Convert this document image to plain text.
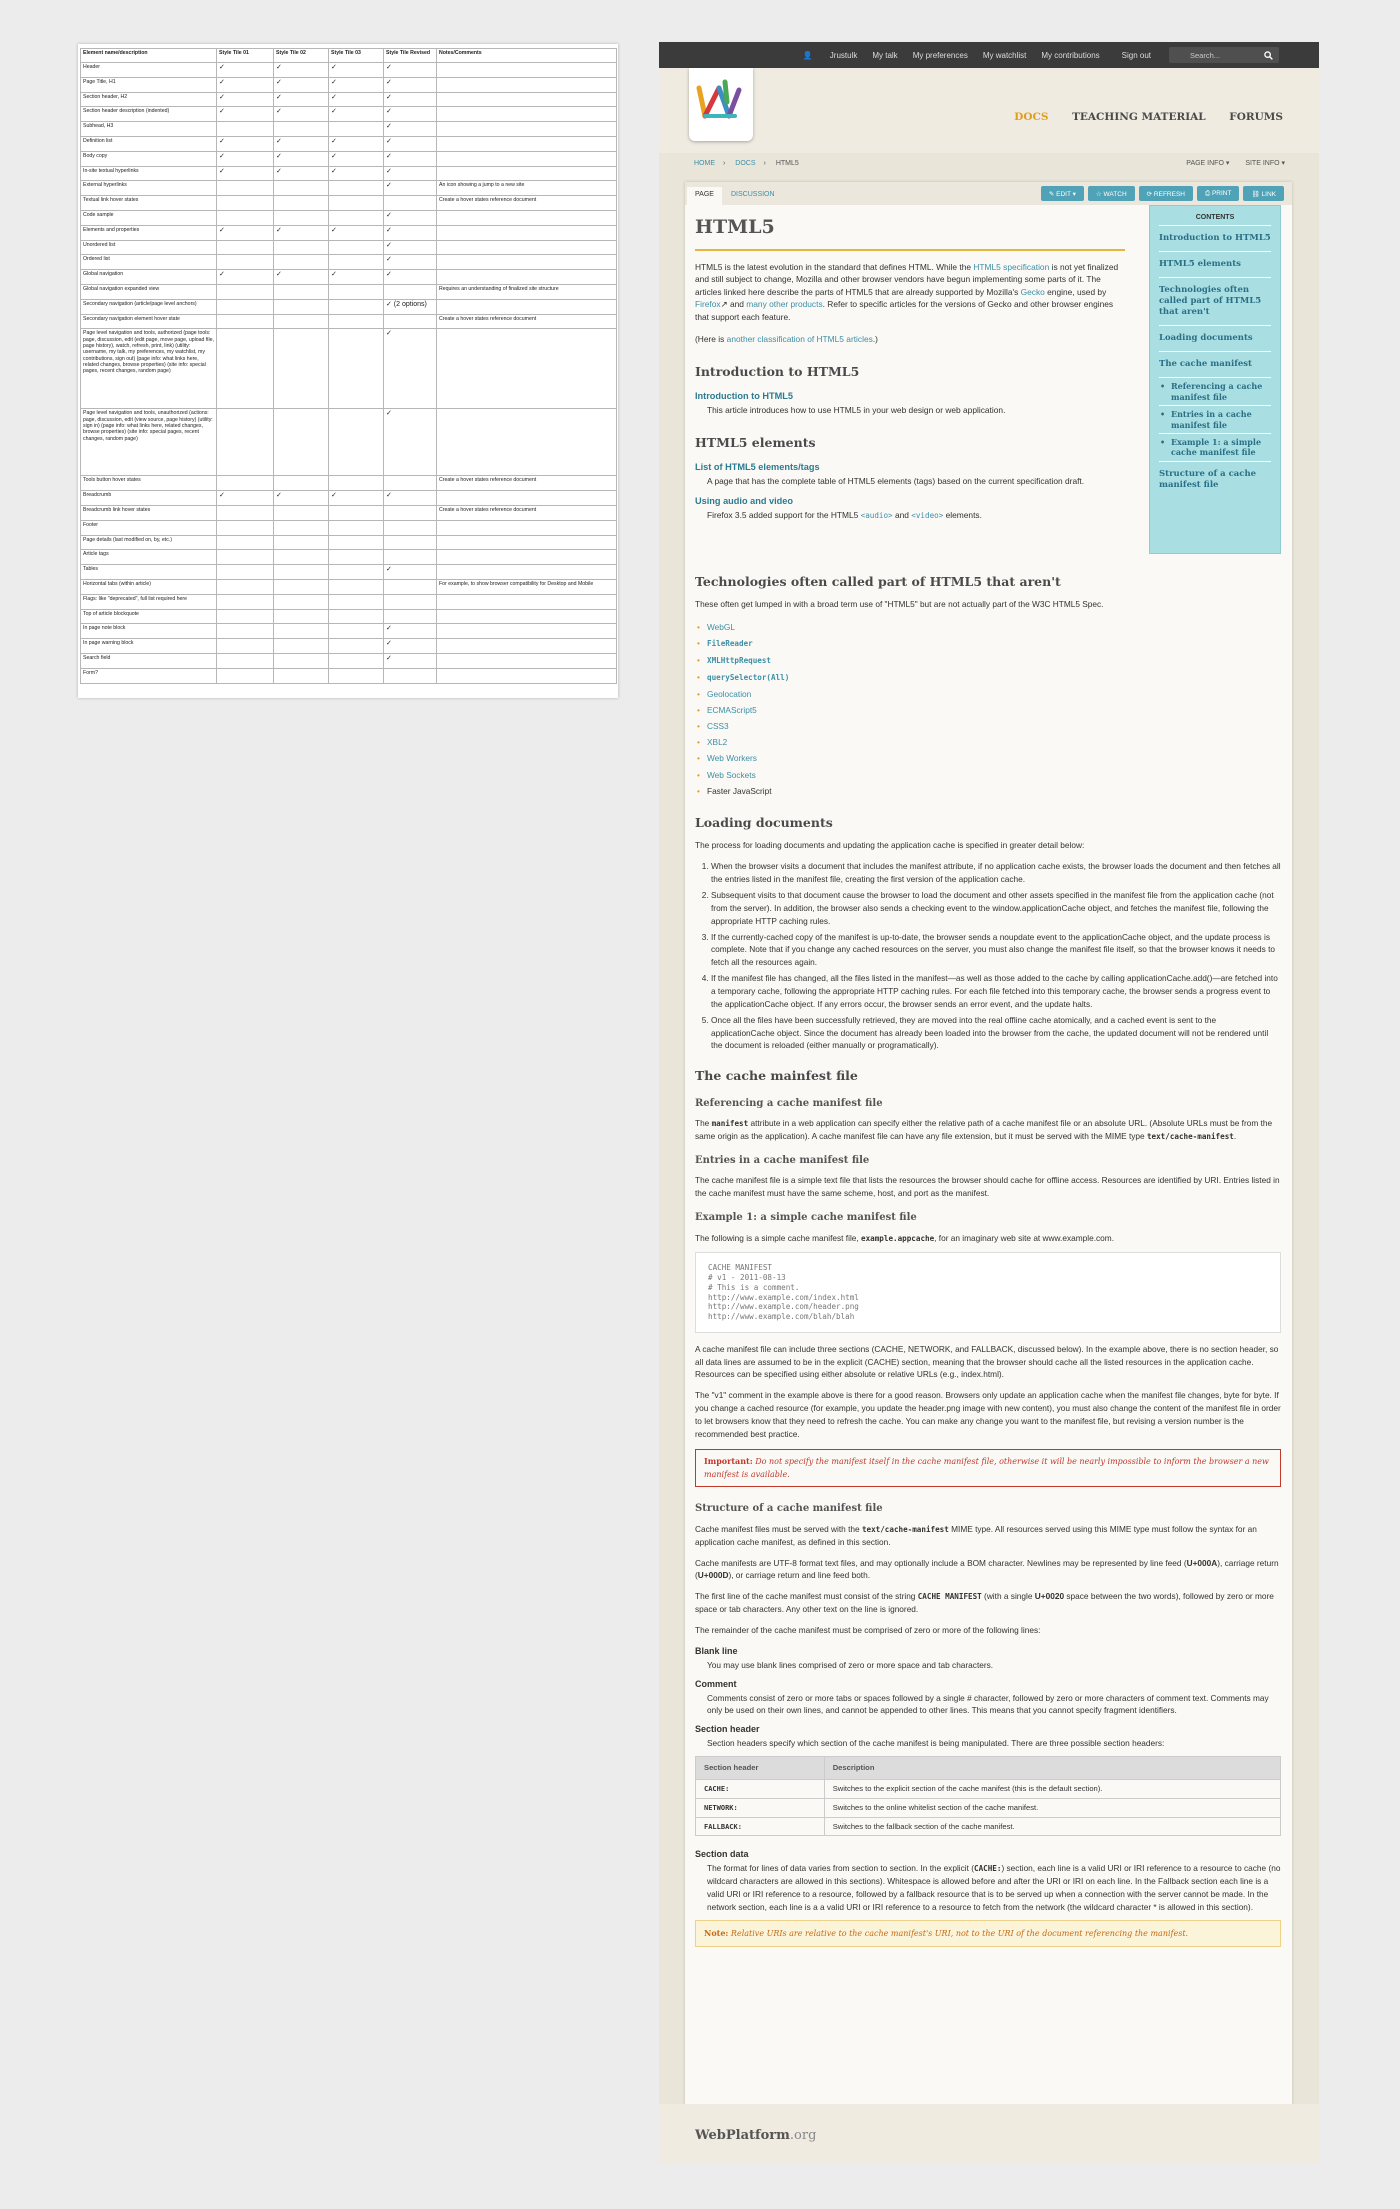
Element name/description	Style Tile 01	Style Tile 02	Style Tile 03	Style Tile Revised	Notes/Comments
Header	✓	✓	✓	✓	
Page Title, H1	✓	✓	✓	✓	
Section header, H2	✓	✓	✓	✓	
Section header description (indented)	✓	✓	✓	✓	
Subhead, H3				✓	
Definition list	✓	✓	✓	✓	
Body copy	✓	✓	✓	✓	
In-site textual hyperlinks	✓	✓	✓	✓	
External hyperlinks				✓	An icon showing a jump to a new site
Textual link hover states					Create a hover states reference document
Code sample				✓	
Elements and properties	✓	✓	✓	✓	
Unordered list				✓	
Ordered list				✓	
Global navigation	✓	✓	✓	✓	
Global navigation expanded view					Requires an understanding of finalized site structure
Secondary navigation (article/page level anchors)				✓ (2 options)	
Secondary navigation element hover state					Create a hover states reference document
Page level navigation and tools, authorized (page tools: page, discussion, edit (edit page, move page, upload file, page history), watch, refresh, print, link) (utility: username, my talk, my preferences, my watchlist, my contributions, sign out) (page info: what links here, related changes, browse properties) (site info: special pages, recent changes, random page)				✓	
Page level navigation and tools, unauthorized (actions: page, discussion, edit (view source, page history) (utility: sign in) (page info: what links here, related changes, browse properties) (site info: special pages, recent changes, random page)				✓	
Tools button hover states					Create a hover states reference document
Breadcrumb	✓	✓	✓	✓	
Breadcrumb link hover states					Create a hover states reference document
Footer					
Page details (last modified on, by, etc.)					
Article tags					
Tables				✓	
Horizontal tabs (within article)					For example, to show browser compatibility for Desktop and Mobile
Flags: like "deprecated", full list required here					
Top of article blockquote					
In page note block				✓	
In page warning block				✓	
Search field				✓	
Form?					
👤 Jrustulk My talk My preferences My watchlist My contributions	Sign out	Search...
DOCS TEACHING MATERIAL FORUMS
HOME › DOCS › HTML5	PAGE INFO ▾ SITE INFO ▾
PAGE	DISCUSSION	✎ EDIT ▾	☆ WATCH	⟳ REFRESH	⎙ PRINT	⛓ LINK
HTML5

HTML5 is the latest evolution in the standard that defines HTML. While the HTML5 specification is not yet finalized and still subject to change, Mozilla and other browser vendors have begun implementing some parts of it. The articles linked here describe the parts of HTML5 that are already supported by Mozilla's Gecko engine, used by Firefox↗ and many other products. Refer to specific articles for the versions of Gecko and other browser engines that support each feature.

(Here is another classification of HTML5 articles.)

Introduction to HTML5
Introduction to HTML5

This article introduces how to use HTML5 in your web design or web application.

HTML5 elements
List of HTML5 elements/tags

A page that has the complete table of HTML5 elements (tags) based on the current specification draft.

Using audio and video

Firefox 3.5 added support for the HTML5 <audio> and <video> elements.

CONTENTS
Introduction to HTML5
HTML5 elements
Technologies often called part of HTML5 that aren't
Loading documents
The cache manifest
• Referencing a cache manifest file
• Entries in a cache manifest file
• Example 1: a simple cache manifest file
Structure of a cache manifest file
Technologies often called part of HTML5 that aren't

These often get lumped in with a broad term use of "HTML5" but are not actually part of the W3C HTML5 Spec.

• WebGL
• FileReader
• XMLHttpRequest
• querySelector(All)
• Geolocation
• ECMAScript5
• CSS3
• XBL2
• Web Workers
• Web Sockets
• Faster JavaScript
Loading documents

The process for loading documents and updating the application cache is specified in greater detail below:

1. When the browser visits a document that includes the manifest attribute, if no application cache exists, the browser loads the document and then fetches all the entries listed in the manifest file, creating the first version of the application cache.
2. Subsequent visits to that document cause the browser to load the document and other assets specified in the manifest file from the application cache (not from the server). In addition, the browser also sends a checking event to the window.applicationCache object, and fetches the manifest file, following the appropriate HTTP caching rules.
3. If the currently-cached copy of the manifest is up-to-date, the browser sends a noupdate event to the applicationCache object, and the update process is complete. Note that if you change any cached resources on the server, you must also change the manifest file itself, so that the browser knows it needs to fetch all the resources again.
4. If the manifest file has changed, all the files listed in the manifest—as well as those added to the cache by calling applicationCache.add()—are fetched into a temporary cache, following the appropriate HTTP caching rules. For each file fetched into this temporary cache, the browser sends a progress event to the applicationCache object. If any errors occur, the browser sends an error event, and the update halts.
5. Once all the files have been successfully retrieved, they are moved into the real offline cache atomically, and a cached event is sent to the applicationCache object. Since the document has already been loaded into the browser from the cache, the updated document will not be rendered until the document is reloaded (either manually or programatically).
The cache mainfest file
Referencing a cache manifest file

The manifest attribute in a web application can specify either the relative path of a cache manifest file or an absolute URL. (Absolute URLs must be from the same origin as the application). A cache manifest file can have any file extension, but it must be served with the MIME type text/cache-manifest.

Entries in a cache manifest file

The cache manifest file is a simple text file that lists the resources the browser should cache for offline access. Resources are identified by URI. Entries listed in the cache manifest must have the same scheme, host, and port as the manifest.

Example 1: a simple cache manifest file

The following is a simple cache manifest file, example.appcache, for an imaginary web site at www.example.com.

CACHE MANIFEST
# v1 - 2011-08-13
# This is a comment.
http://www.example.com/index.html
http://www.example.com/header.png
http://www.example.com/blah/blah

A cache manifest file can include three sections (CACHE, NETWORK, and FALLBACK, discussed below). In the example above, there is no section header, so all data lines are assumed to be in the explicit (CACHE) section, meaning that the browser should cache all the listed resources in the application cache. Resources can be specified using either absolute or relative URLs (e.g., index.html).

The "v1" comment in the example above is there for a good reason. Browsers only update an application cache when the manifest file changes, byte for byte. If you change a cached resource (for example, you update the header.png image with new content), you must also change the content of the manifest file in order to let browsers know that they need to refresh the cache. You can make any change you want to the manifest file, but revising a version number is the recommended best practice.

Important: Do not specify the manifest itself in the cache manifest file, otherwise it will be nearly impossible to inform the browser a new manifest is available.
Structure of a cache manifest file

Cache manifest files must be served with the text/cache-manifest MIME type. All resources served using this MIME type must follow the syntax for an application cache manifest, as defined in this section.

Cache manifests are UTF-8 format text files, and may optionally include a BOM character. Newlines may be represented by line feed (U+000A), carriage return (U+000D), or carriage return and line feed both.

The first line of the cache manifest must consist of the string CACHE MANIFEST (with a single U+0020 space between the two words), followed by zero or more space or tab characters. Any other text on the line is ignored.

The remainder of the cache manifest must be comprised of zero or more of the following lines:

Blank line
You may use blank lines comprised of zero or more space and tab characters.
Comment
Comments consist of zero or more tabs or spaces followed by a single # character, followed by zero or more characters of comment text. Comments may only be used on their own lines, and cannot be appended to other lines. This means that you cannot specify fragment identifiers.
Section header
Section headers specify which section of the cache manifest is being manipulated. There are three possible section headers:
Section header	Description
CACHE:	Switches to the explicit section of the cache manifest (this is the default section).
NETWORK:	Switches to the online whitelist section of the cache manifest.
FALLBACK:	Switches to the fallback section of the cache manifest.
Section data
The format for lines of data varies from section to section. In the explicit (CACHE:) section, each line is a valid URI or IRI reference to a resource to cache (no wildcard characters are allowed in this sections). Whitespace is allowed before and after the URI or IRI on each line. In the Fallback section each line is a valid URI or IRI reference to a resource, followed by a fallback resource that is to be served up when a connection with the server cannot be made. In the network section, each line is a a valid URI or IRI reference to a resource to fetch from the network (the wildcard character * is allowed in this section).
Note: Relative URIs are relative to the cache manifest's URI, not to the URI of the document referencing the manifest.
WebPlatform.org
